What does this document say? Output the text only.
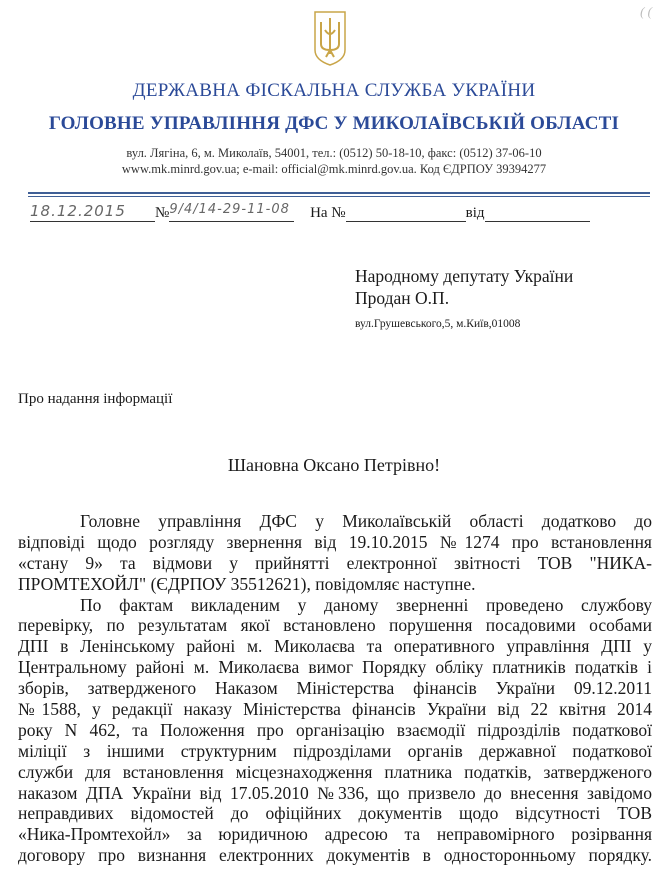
( (
ДЕРЖАВНА ФІСКАЛЬНА СЛУЖБА УКРАЇНИ
ГОЛОВНЕ УПРАВЛІННЯ ДФС У МИКОЛАЇВСЬКІЙ ОБЛАСТІ
вул. Лягіна, 6, м. Миколаїв, 54001, тел.: (0512) 50-18-10, факс: (0512) 37-06-10
www.mk.minrd.gov.ua; e-mail: official@mk.minrd.gov.ua. Код ЄДРПОУ 39394277
18.12.2015 №9/4/14-29-11-08 На №	від
Народному депутату України
Продан О.П.
вул.Грушевського,5, м.Київ,01008
Про надання інформації
Шановна Оксано Петрівно!
Головне управління ДФС у Миколаївській області додатково до
відповіді щодо розгляду звернення від 19.10.2015 №1274 про встановлення
«стану 9» та відмови у прийнятті електронної звітності ТОВ "НИКА-
ПРОМТЕХОЙЛ" (ЄДРПОУ 35512621), повідомляє наступне.
По фактам викладеним у даному зверненні проведено службову
перевірку, по результатам якої встановлено порушення посадовими особами
ДПІ в Ленінському районі м. Миколаєва та оперативного управління ДПІ у
Центральному районі м. Миколаєва вимог Порядку обліку платників податків і
зборів, затвердженого Наказом Міністерства фінансів України 09.12.2011
№1588, у редакції наказу Міністерства фінансів України від 22 квітня 2014
року N 462, та Положення про організацію взаємодії підрозділів податкової
міліції з іншими структурним підрозділами органів державної податкової
служби для встановлення місцезнаходження платника податків, затвердженого
наказом ДПА України від 17.05.2010 №336, що призвело до внесення завідомо
неправдивих відомостей до офіційних документів щодо відсутності ТОВ
«Ника-Промтехойл» за юридичною адресою та неправомірного розірвання
договору про визнання електронних документів в односторонньому порядку.
